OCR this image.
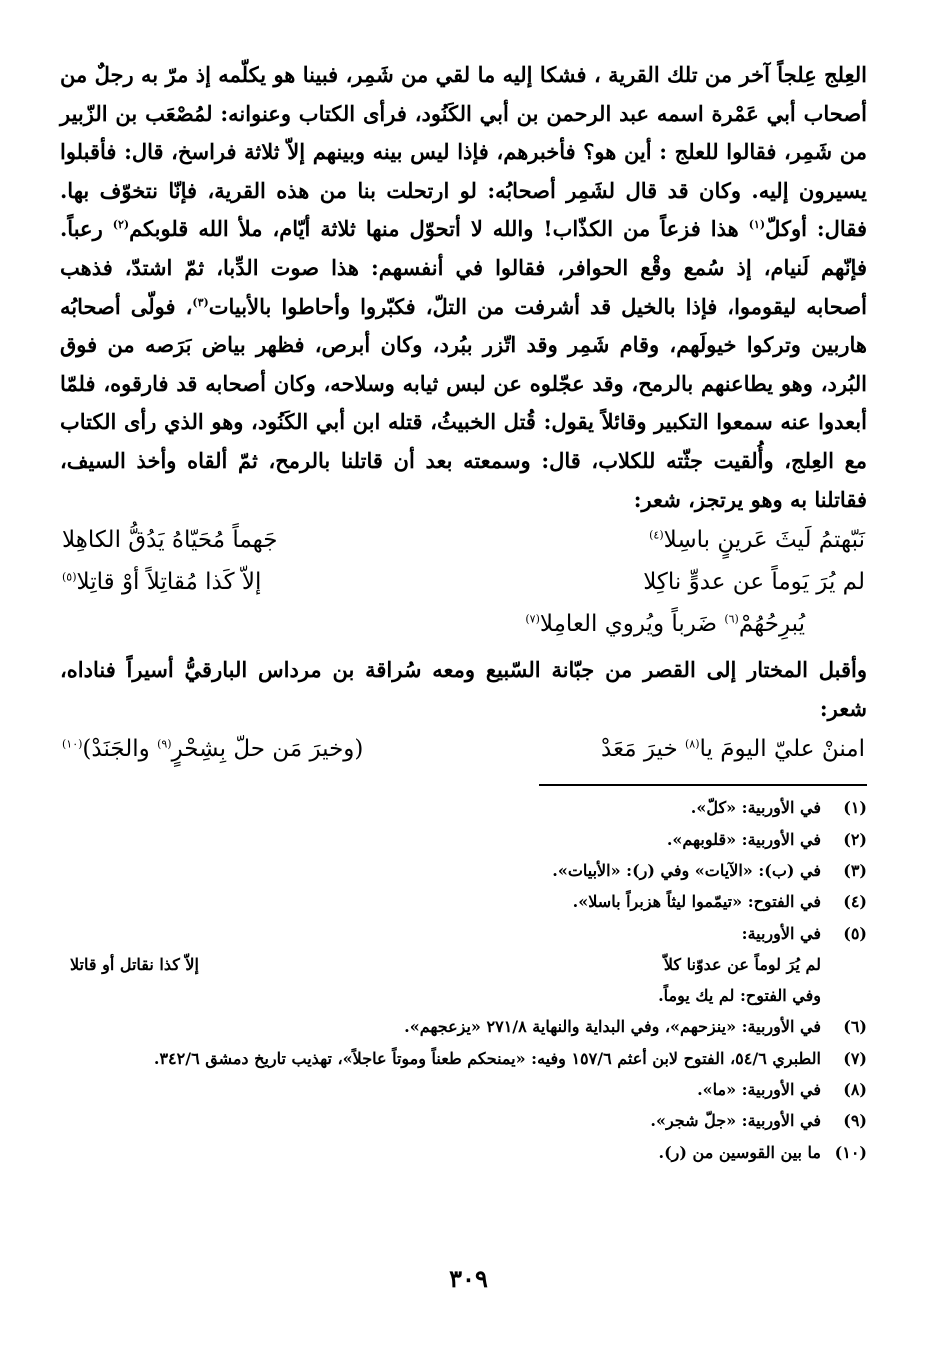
العِلج عِلجاً آخر من تلك القرية ، فشكا إليه ما لقي من شَمِر، فبينا هو يكلّمه إذ مرّ به رجلٌ من أصحاب أبي عَمْرة اسمه عبد الرحمن بن أبي الكَنُود، فرأى الكتاب وعنوانه: لمُصْعَب بن الزّبير من شَمِر، فقالوا للعلج : أين هو؟ فأخبرهم، فإذا ليس بينه وبينهم إلاّ ثلاثة فراسخ، قال: فأقبلوا يسيرون إليه. وكان قد قال لشَمِر أصحابُه: لو ارتحلت بنا من هذه القرية، فإنّا نتخوّف بها. فقال: أوكلّ$^{(١)}$ هذا فزعاً من الكذّاب! والله لا أتحوّل منها ثلاثة أيّام، ملأ الله قلوبكم$^{(٢)}$ رعباً. فإنّهم لَنيام، إذ سُمع وقْع الحوافر، فقالوا في أنفسهم: هذا صوت الدِّبا، ثمّ اشتدّ، فذهب أصحابه ليقوموا، فإذا بالخيل قد أشرفت من التلّ، فكبّروا وأحاطوا بالأبيات$^{(٣)}$، فولّى أصحابُه هاربين وتركوا خيولَهم، وقام شَمِر وقد اتّزر ببُرد، وكان أبرص، فظهر بياض بَرَصه من فوق البُرد، وهو يطاعنهم بالرمح، وقد عجّلوه عن لبس ثيابه وسلاحه، وكان أصحابه قد فارقوه، فلمّا أبعدوا عنه سمعوا التكبير وقائلاً يقول: قُتل الخبيثُ، قتله ابن أبي الكَنُود، وهو الذي رأى الكتاب مع العِلج، وأُلقيت جثّته للكلاب، قال: وسمعته بعد أن قاتلنا بالرمح، ثمّ ألقاه وأخذ السيف، فقاتلنا به وهو يرتجز، شعر:

نَبّهتمُ لَيثَ عَرينٍ باسِلا$^{(٤)}$
جَهماً مُحَيّاهُ يَدُقُّ الكاهِلا
لم يُرَ يَوماً عن عدوٍّ ناكِلا
إلاّ كَذا مُقاتِلاً أوْ قاتِلا$^{(٥)}$
يُبرِحُهُمْ$^{(٦)}$ ضَرباً ويُروي العامِلا$^{(٧)}$

وأقبل المختار إلى القصر من جبّانة السّبيع ومعه سُراقة بن مرداس البارقيُّ أسيراً فناداه، شعر:

امننْ عليّ اليومَ يا$^{(٨)}$ خيرَ مَعَدْ
(وخيرَ مَن حلّ بِشِحْرٍ$^{(٩)}$ والجَنَدْ)$^{(١٠)}$
(١)
في الأوربية: «كلّ».
(٢)
في الأوربية: «قلوبهم».
(٣)
في (ب): «الآيات» وفي (ر): «الأبيات».
(٤)
في الفتوح: «تيمّموا ليثاً هزبراً باسلا».
(٥)
في الأوربية:
لم يُرَ لوماً عن عدوّنا كلاّ
إلاّ كذا نقاتل أو قاتلا
وفي الفتوح: لم يك يوماً.
(٦)
في الأوربية: «ينزحهم»، وفي البداية والنهاية ٢٧١/٨ «يزعجهم».
(٧)
الطبري ٥٤/٦، الفتوح لابن أعثم ١٥٧/٦ وفيه: «يمنحكم طعناً وموتاً عاجلاً»، تهذيب تاريخ دمشق ٣٤٢/٦.
(٨)
في الأوربية: «ما».
(٩)
في الأوربية: «جلّ شجر».
(١٠)
ما بين القوسين من (ر).
٣٠٩
